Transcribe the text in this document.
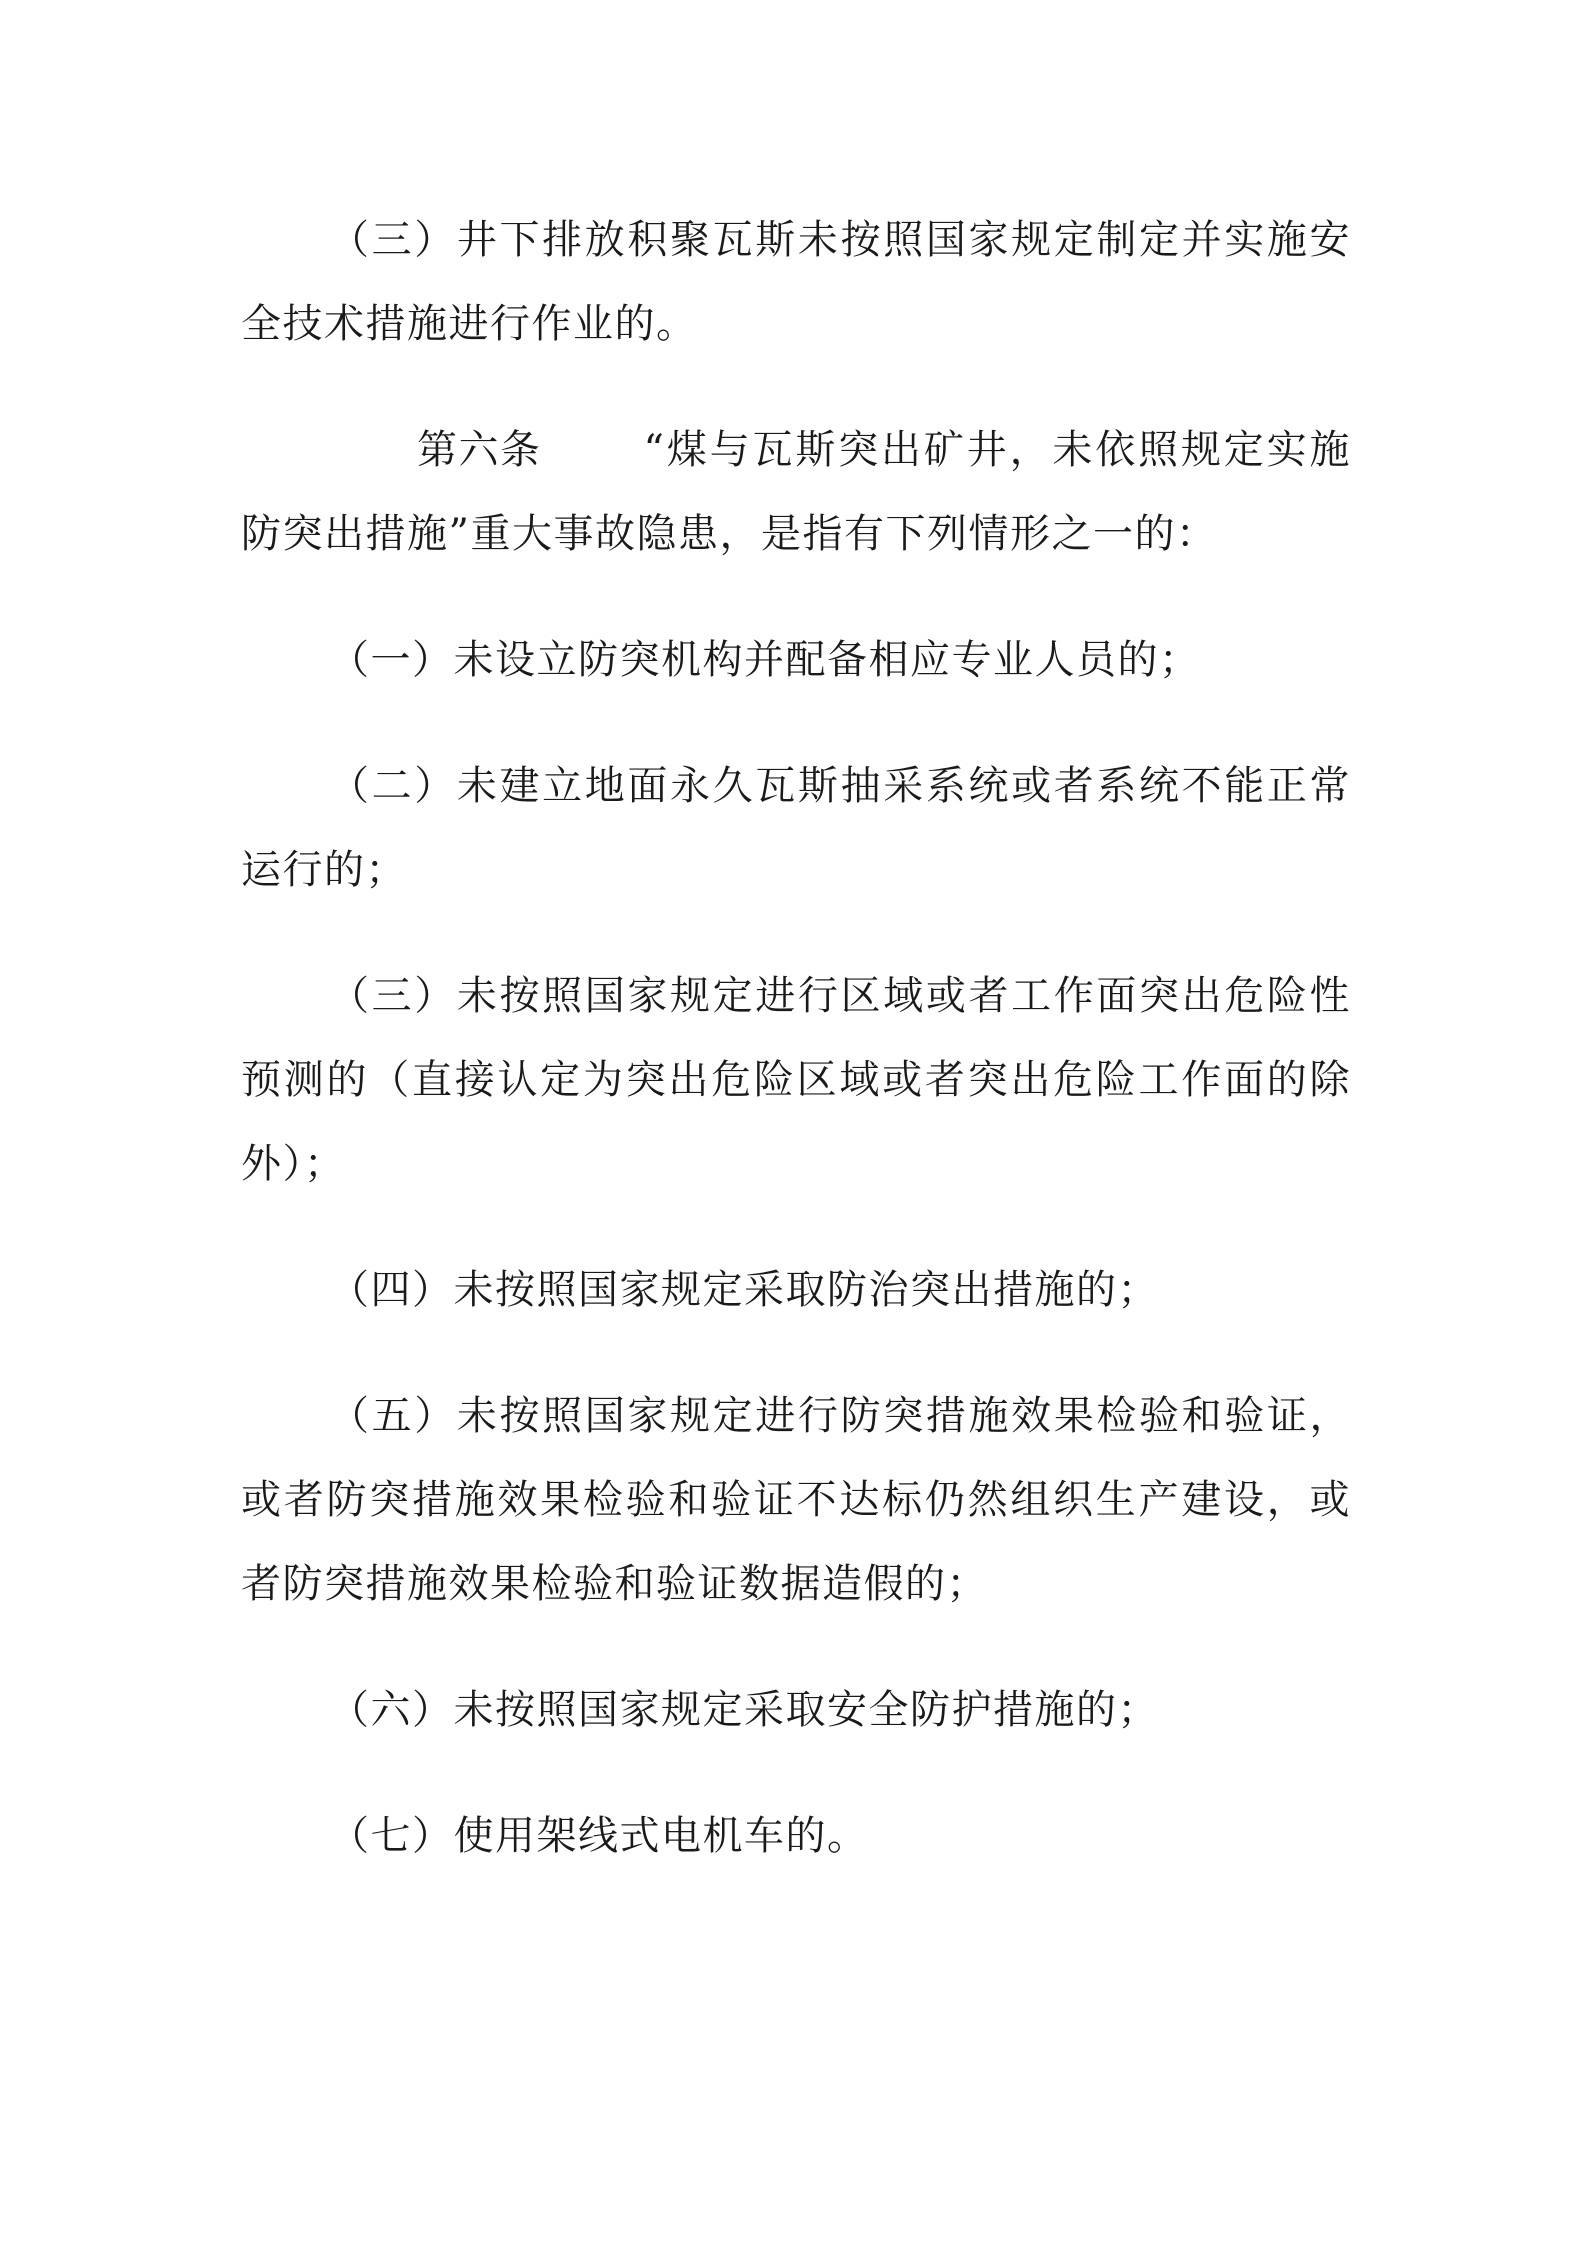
（三）井下排放积聚瓦斯未按照国家规定制定并实施安全技术措施进行作业的。

第六条	“煤与瓦斯突出矿井，未依照规定实施防突出措施”重大事故隐患，是指有下列情形之一的：

（一）未设立防突机构并配备相应专业人员的；

（二）未建立地面永久瓦斯抽采系统或者系统不能正常运行的；

（三）未按照国家规定进行区域或者工作面突出危险性预测的（直接认定为突出危险区域或者突出危险工作面的除外）；

（四）未按照国家规定采取防治突出措施的；

（五）未按照国家规定进行防突措施效果检验和验证，或者防突措施效果检验和验证不达标仍然组织生产建设，或者防突措施效果检验和验证数据造假的；

（六）未按照国家规定采取安全防护措施的；

（七）使用架线式电机车的。
